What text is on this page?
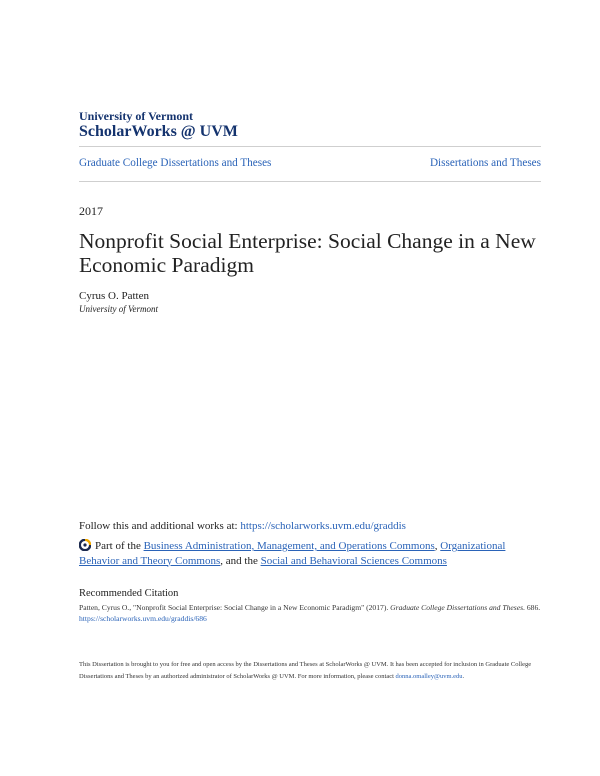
University of Vermont
ScholarWorks @ UVM
Graduate College Dissertations and Theses	Dissertations and Theses
2017
Nonprofit Social Enterprise: Social Change in a New Economic Paradigm
Cyrus O. Patten
University of Vermont
Follow this and additional works at: https://scholarworks.uvm.edu/graddis
Part of the Business Administration, Management, and Operations Commons, Organizational Behavior and Theory Commons, and the Social and Behavioral Sciences Commons
Recommended Citation
Patten, Cyrus O., "Nonprofit Social Enterprise: Social Change in a New Economic Paradigm" (2017). Graduate College Dissertations and Theses. 686.
https://scholarworks.uvm.edu/graddis/686
This Dissertation is brought to you for free and open access by the Dissertations and Theses at ScholarWorks @ UVM. It has been accepted for inclusion in Graduate College Dissertations and Theses by an authorized administrator of ScholarWorks @ UVM. For more information, please contact donna.omalley@uvm.edu.
